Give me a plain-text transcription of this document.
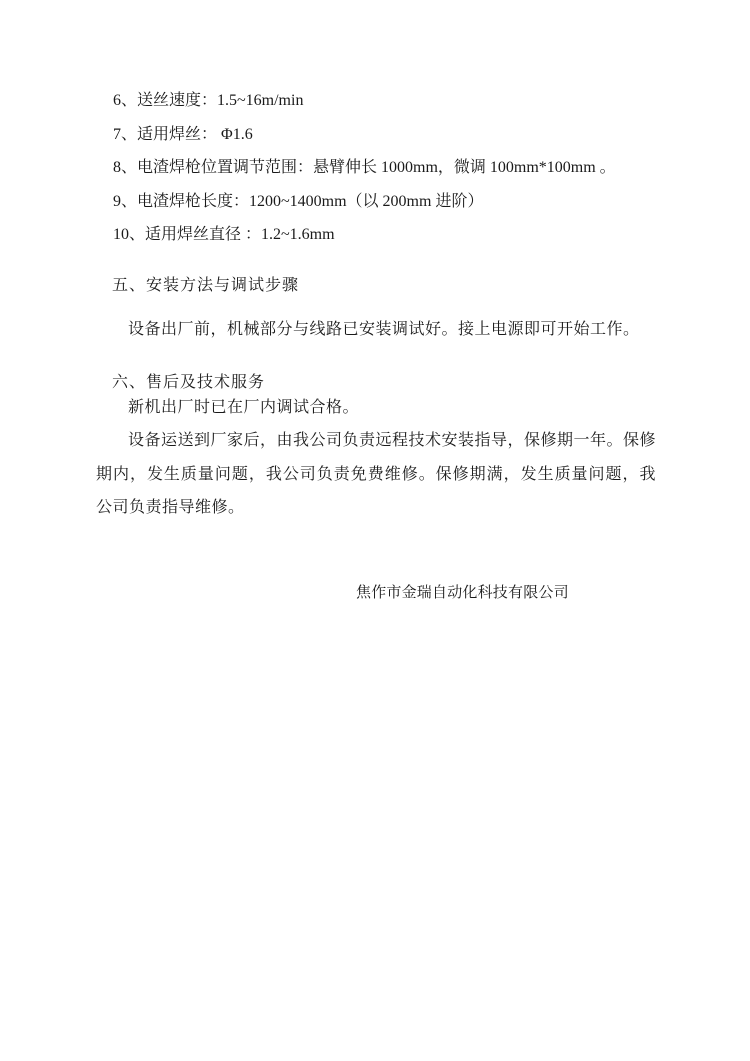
6、送丝速度：1.5~16m/min

7、适用焊丝： Φ1.6

8、电渣焊枪位置调节范围：悬臂伸长 1000mm，微调 100mm*100mm 。

9、电渣焊枪长度：1200~1400mm（以 200mm 进阶）

10、适用焊丝直径 ：1.2~1.6mm

五、安装方法与调试步骤

设备出厂前，机械部分与线路已安装调试好。接上电源即可开始工作。

六、售后及技术服务

新机出厂时已在厂内调试合格。

设备运送到厂家后，由我公司负责远程技术安装指导，保修期一年。保修期内，发生质量问题，我公司负责免费维修。保修期满，发生质量问题，我公司负责指导维修。

焦作市金瑞自动化科技有限公司
